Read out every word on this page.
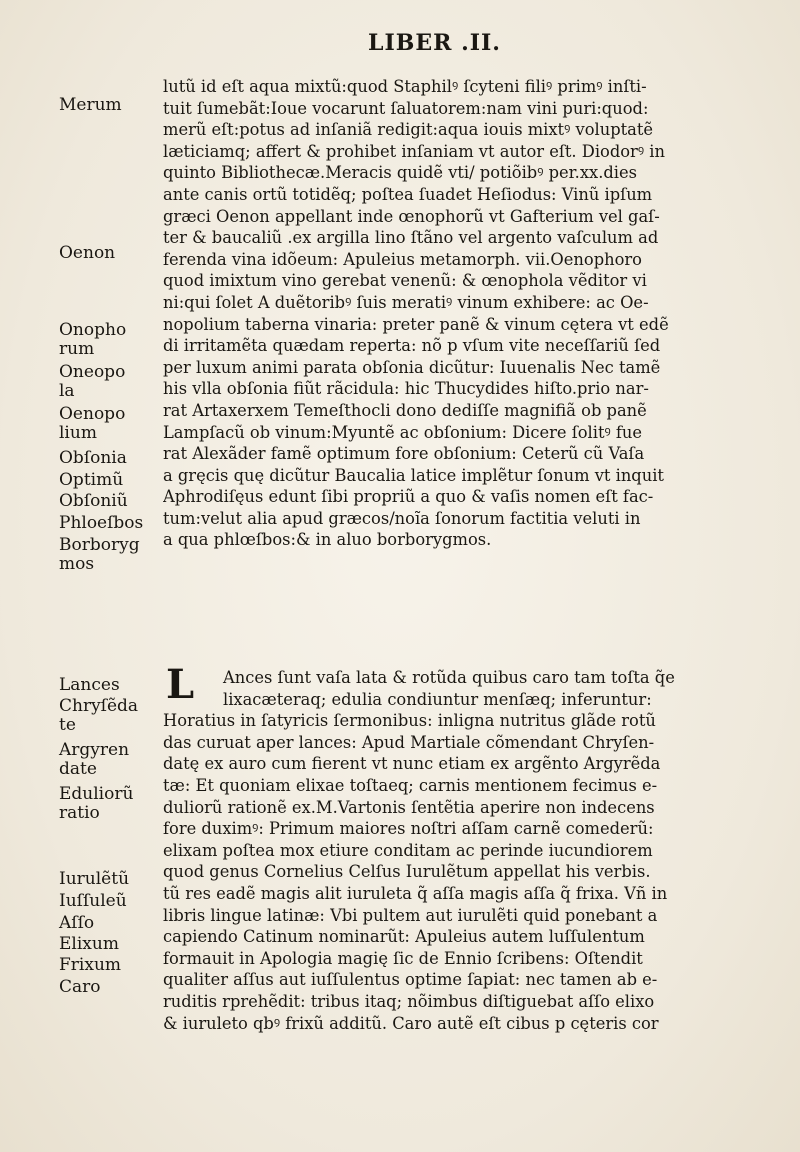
LIBER .II.
Merum
Oenon
Onopho rum
Oneopo la
Oenopo lium
Obſonia
Optimũ
Obſoniũ
Phloeſbos
Borboryg mos
Lances
Chryſẽda te
Argyren date
Eduliorũ ratio
Iurulẽtũ
Iuſſuleũ
Aſſo
Elixum
Frixum
Caro
lutũ id eſt aqua mixtũ:quod Staphilꝰ ſcyteni filiꝰ primꝰ inſti-
tuit ſumebãt:Ioue vocarunt ſaluatorem:nam vini puri:quod:
merũ eſt:potus ad inſaniã redigit:aqua iouis mixtꝰ voluptatẽ
læticiamq; affert & prohibet inſaniam vt autor eſt. Diodorꝰ in
quinto Bibliothecæ.Meracis quidẽ vti/ potiõibꝰ per.xx.dies
ante canis ortũ totidẽq; poſtea ſuadet Heſiodus: Vinũ ipſum
græci Oenon appellant inde œnophorũ vt Gafterium vel gaſ-
ter & baucaliũ .ex argilla lino ſtãno vel argento vaſculum ad
ferenda vina idõeum: Apuleius metamorph. vii.Oenophoro
quod imixtum vino gerebat venenũ: & œnophola vẽditor vi
ni:qui ſolet A duẽtoribꝰ ſuis meratiꝰ vinum exhibere: ac Oe-
nopolium taberna vinaria: preter panẽ & vinum cętera vt edẽ
di irritamẽta quædam reperta: nõ p vſum vite neceſſariũ ſed
per luxum animi parata obſonia dicũtur: Iuuenalis Nec tamẽ
his vlla obſonia fiũt rãcidula: hic Thucydides hiſto.prio nar-
rat Artaxerxem Temeſthocli dono dediſſe magnifiã ob panẽ
Lampſacũ ob vinum:Myuntẽ ac obſonium: Dicere ſolitꝰ fue
rat Alexãder famẽ optimum fore obſonium: Ceterũ cũ Vaſa
a gręcis quę dicũtur Baucalia latice implẽtur ſonum vt inquit
Aphrodiſęus edunt ſibi propriũ a quo & vaſis nomen eſt fac-
tum:velut alia apud græcos/noĩa ſonorum factitia veluti in
a qua phlœſbos:& in aluo borborygmos.
L	Ances ſunt vaſa lata & rotũda quibus caro tam toſta q̃e
lixacæteraq; edulia condiuntur menſæq; inferuntur:
Horatius in ſatyricis ſermonibus: inligna nutritus glãde rotũ
das curuat aper lances: Apud Martiale cõmendant Chryſen-
datę ex auro cum fierent vt nunc etiam ex argẽnto Argyrẽda
tæ: Et quoniam elixae toſtaeq; carnis mentionem fecimus e-
duliorũ rationẽ ex.M.Vartonis ſentẽtia aperire non indecens
fore duximꝰ: Primum maiores noſtri aſſam carnẽ comederũ:
elixam poſtea mox etiure conditam ac perinde iucundiorem
quod genus Cornelius Celſus Iurulẽtum appellat his verbis.
tũ res eadẽ magis alit iuruleta q̃ aſſa magis aſſa q̃ frixa. Vñ in
libris lingue latinæ: Vbi pultem aut iurulẽti quid ponebant a
capiendo Catinum nominarũt: Apuleius autem luſſulentum
formauit in Apologia magię ſic de Ennio ſcribens: Oſtendit
qualiter aſſus aut iuſſulentus optime ſapiat: nec tamen ab e-
ruditis rprehẽdit: tribus itaq; nõimbus diſtiguebat aſſo elixo
& iuruleto qbꝰ frixũ additũ. Caro autẽ eſt cibus p cęteris cor
